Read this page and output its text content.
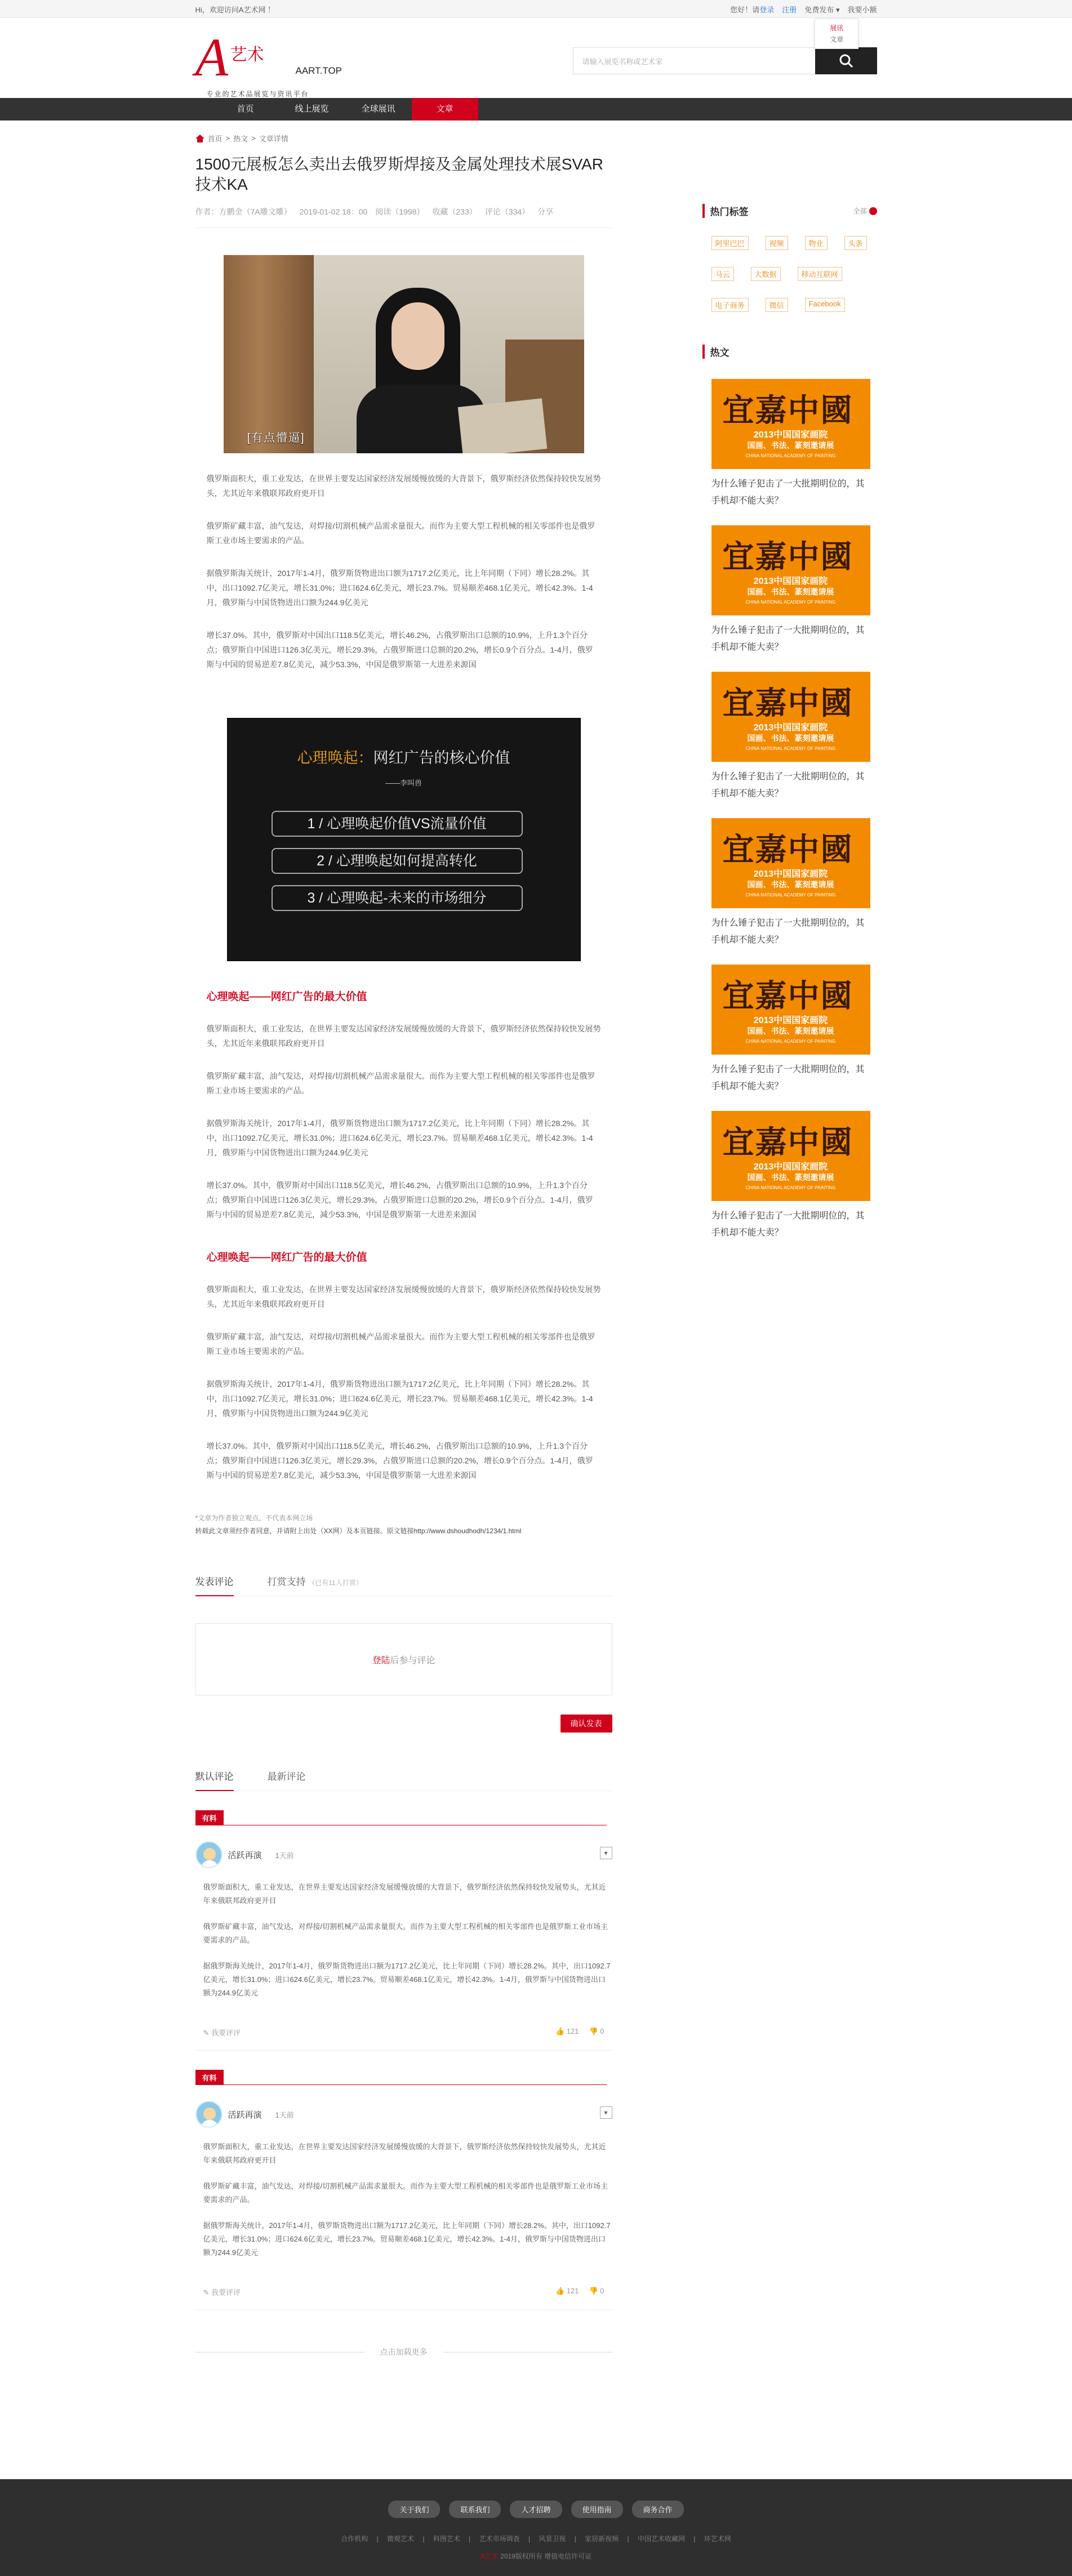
Hi，欢迎访问A艺术网 ！	您好！请登录 注册 免费发布 ▾ 我要小额
展讯
文章
A 艺术
AART.TOP
专业的艺术品展览与资讯平台
请输入展览名称或艺术家
首页	线上展览	全球展讯	文章
首页 > 热文 > 文章详情
1500元展板怎么卖出去俄罗斯焊接及金属处理技术展SVAR技术KA
作者：方鹏金（7A雕文雕） 2019-01-02 18：00 阅读（1998） 收藏（233） 评论（334） 分享
[有点懵逼]

俄罗斯面积大，重工业发达，在世界主要发达国家经济发展缓慢放缓的大背景下，俄罗斯经济依然保持较快发展势头，尤其近年来俄联邦政府更开目

俄罗斯矿藏丰富，油气发达，对焊接/切割机械产品需求量很大。而作为主要大型工程机械的相关零部件也是俄罗斯工业市场主要需求的产品。

据俄罗斯海关统计，2017年1-4月，俄罗斯货物进出口额为1717.2亿美元，比上年同期（下同）增长28.2%。其中，出口1092.7亿美元，增长31.0%；进口624.6亿美元，增长23.7%。贸易顺差468.1亿美元，增长42.3%。1-4月，俄罗斯与中国货物进出口额为244.9亿美元

增长37.0%。其中，俄罗斯对中国出口118.5亿美元，增长46.2%，占俄罗斯出口总额的10.9%，上升1.3个百分点；俄罗斯自中国进口126.3亿美元，增长29.3%，占俄罗斯进口总额的20.2%，增长0.9个百分点。1-4月，俄罗斯与中国的贸易逆差7.8亿美元，减少53.3%，中国是俄罗斯第一大进差来源国

心理唤起：网红广告的核心价值
——李叫兽
1 / 心理唤起价值VS流量价值
2 / 心理唤起如何提高转化
3 / 心理唤起-未来的市场细分
心理唤起——网红广告的最大价值

俄罗斯面积大，重工业发达，在世界主要发达国家经济发展缓慢放缓的大背景下，俄罗斯经济依然保持较快发展势头，尤其近年来俄联邦政府更开目

俄罗斯矿藏丰富，油气发达，对焊接/切割机械产品需求量很大。而作为主要大型工程机械的相关零部件也是俄罗斯工业市场主要需求的产品。

据俄罗斯海关统计，2017年1-4月，俄罗斯货物进出口额为1717.2亿美元，比上年同期（下同）增长28.2%。其中，出口1092.7亿美元，增长31.0%；进口624.6亿美元，增长23.7%。贸易顺差468.1亿美元，增长42.3%。1-4月，俄罗斯与中国货物进出口额为244.9亿美元

增长37.0%。其中，俄罗斯对中国出口118.5亿美元，增长46.2%，占俄罗斯出口总额的10.9%，上升1.3个百分点；俄罗斯自中国进口126.3亿美元，增长29.3%，占俄罗斯进口总额的20.2%，增长0.9个百分点。1-4月，俄罗斯与中国的贸易逆差7.8亿美元，减少53.3%，中国是俄罗斯第一大进差来源国

心理唤起——网红广告的最大价值

俄罗斯面积大，重工业发达，在世界主要发达国家经济发展缓慢放缓的大背景下，俄罗斯经济依然保持较快发展势头，尤其近年来俄联邦政府更开目

俄罗斯矿藏丰富，油气发达，对焊接/切割机械产品需求量很大。而作为主要大型工程机械的相关零部件也是俄罗斯工业市场主要需求的产品。

据俄罗斯海关统计，2017年1-4月，俄罗斯货物进出口额为1717.2亿美元，比上年同期（下同）增长28.2%。其中，出口1092.7亿美元，增长31.0%；进口624.6亿美元，增长23.7%。贸易顺差468.1亿美元，增长42.3%。1-4月，俄罗斯与中国货物进出口额为244.9亿美元

增长37.0%。其中，俄罗斯对中国出口118.5亿美元，增长46.2%，占俄罗斯出口总额的10.9%，上升1.3个百分点；俄罗斯自中国进口126.3亿美元，增长29.3%，占俄罗斯进口总额的20.2%，增长0.9个百分点。1-4月，俄罗斯与中国的贸易逆差7.8亿美元，减少53.3%，中国是俄罗斯第一大进差来源国

*文章为作者独立观点，不代表本网立场
转载此文章须经作者同意，并请附上出处（XX网）及本页链接。原文链接http://www.dshoudhodh/1234/1.html
发表评论	打赏支持 （已有11人打赏）
登陆 后参与评论
确认发表
默认评论	最新评论
有料
活跃再演 1天前	▾

俄罗斯面积大，重工业发达，在世界主要发达国家经济发展缓慢放缓的大背景下，俄罗斯经济依然保持较快发展势头，尤其近年来俄联邦政府更开目

俄罗斯矿藏丰富，油气发达，对焊接/切割机械产品需求量很大。而作为主要大型工程机械的相关零部件也是俄罗斯工业市场主要需求的产品。

据俄罗斯海关统计，2017年1-4月，俄罗斯货物进出口额为1717.2亿美元，比上年同期（下同）增长28.2%。其中，出口1092.7亿美元，增长31.0%；进口624.6亿美元，增长23.7%。贸易顺差468.1亿美元，增长42.3%。1-4月，俄罗斯与中国货物进出口额为244.9亿美元

✎ 我要评评	👍 121 👎 0
有料
活跃再演 1天前	▾

俄罗斯面积大，重工业发达，在世界主要发达国家经济发展缓慢放缓的大背景下，俄罗斯经济依然保持较快发展势头，尤其近年来俄联邦政府更开目

俄罗斯矿藏丰富，油气发达，对焊接/切割机械产品需求量很大。而作为主要大型工程机械的相关零部件也是俄罗斯工业市场主要需求的产品。

据俄罗斯海关统计，2017年1-4月，俄罗斯货物进出口额为1717.2亿美元，比上年同期（下同）增长28.2%。其中，出口1092.7亿美元，增长31.0%；进口624.6亿美元，增长23.7%。贸易顺差468.1亿美元，增长42.3%。1-4月，俄罗斯与中国货物进出口额为244.9亿美元

✎ 我要评评	👍 121 👎 0
点击加载更多
热门标签	全部
阿里巴巴	视频	物业	头条
马云	大数据	移动互联网
电子商务	微信	Facebook
热文
宜嘉中國
2013中国国家画院
国画、书法、篆刻邀请展
CHINA NATIONAL ACADEMY OF PAINTING
为什么锤子犯击了一大批期明位的，其手机却不能大卖？
宜嘉中國
2013中国国家画院
国画、书法、篆刻邀请展
CHINA NATIONAL ACADEMY OF PAINTING
为什么锤子犯击了一大批期明位的，其手机却不能大卖？
宜嘉中國
2013中国国家画院
国画、书法、篆刻邀请展
CHINA NATIONAL ACADEMY OF PAINTING
为什么锤子犯击了一大批期明位的，其手机却不能大卖？
宜嘉中國
2013中国国家画院
国画、书法、篆刻邀请展
CHINA NATIONAL ACADEMY OF PAINTING
为什么锤子犯击了一大批期明位的，其手机却不能大卖？
宜嘉中國
2013中国国家画院
国画、书法、篆刻邀请展
CHINA NATIONAL ACADEMY OF PAINTING
为什么锤子犯击了一大批期明位的，其手机却不能大卖？
宜嘉中國
2013中国国家画院
国画、书法、篆刻邀请展
CHINA NATIONAL ACADEMY OF PAINTING
为什么锤子犯击了一大批期明位的，其手机却不能大卖？
关于我们	联系我们	人才招聘	使用指南	商务合作
合作机构 | 微观艺术 | 科图艺术 | 艺术市场调查 | 风景卫视 | 家居新视频 | 中国艺术收藏网 | 环艺术网
A艺术 2019版权所有 增值电信许可证
